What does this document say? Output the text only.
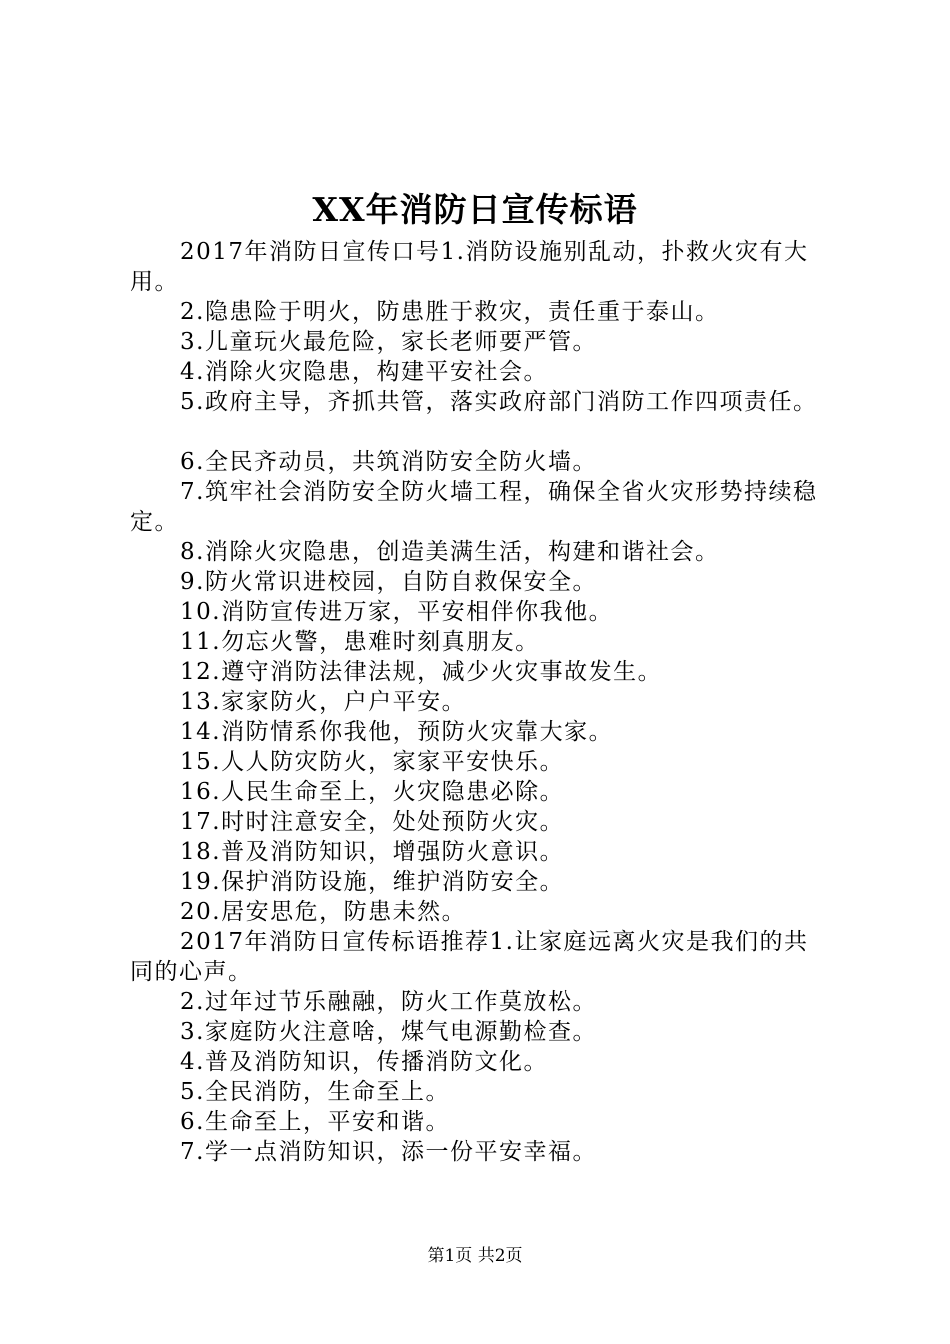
XX年消防日宣传标语

2017年消防日宣传口号1.消防设施别乱动，扑救火灾有大用。

2.隐患险于明火，防患胜于救灾，责任重于泰山。

3.儿童玩火最危险，家长老师要严管。

4.消除火灾隐患，构建平安社会。

5.政府主导，齐抓共管，落实政府部门消防工作四项责任。

6.全民齐动员，共筑消防安全防火墙。

7.筑牢社会消防安全防火墙工程，确保全省火灾形势持续稳定。

8.消除火灾隐患，创造美满生活，构建和谐社会。

9.防火常识进校园，自防自救保安全。

10.消防宣传进万家，平安相伴你我他。

11.勿忘火警，患难时刻真朋友。

12.遵守消防法律法规，减少火灾事故发生。

13.家家防火，户户平安。

14.消防情系你我他，预防火灾靠大家。

15.人人防灾防火，家家平安快乐。

16.人民生命至上，火灾隐患必除。

17.时时注意安全，处处预防火灾。

18.普及消防知识，增强防火意识。

19.保护消防设施，维护消防安全。

20.居安思危，防患未然。

2017年消防日宣传标语推荐1.让家庭远离火灾是我们的共同的心声。

2.过年过节乐融融，防火工作莫放松。

3.家庭防火注意啥，煤气电源勤检查。

4.普及消防知识，传播消防文化。

5.全民消防，生命至上。

6.生命至上，平安和谐。

7.学一点消防知识，添一份平安幸福。

第1页 共2页
